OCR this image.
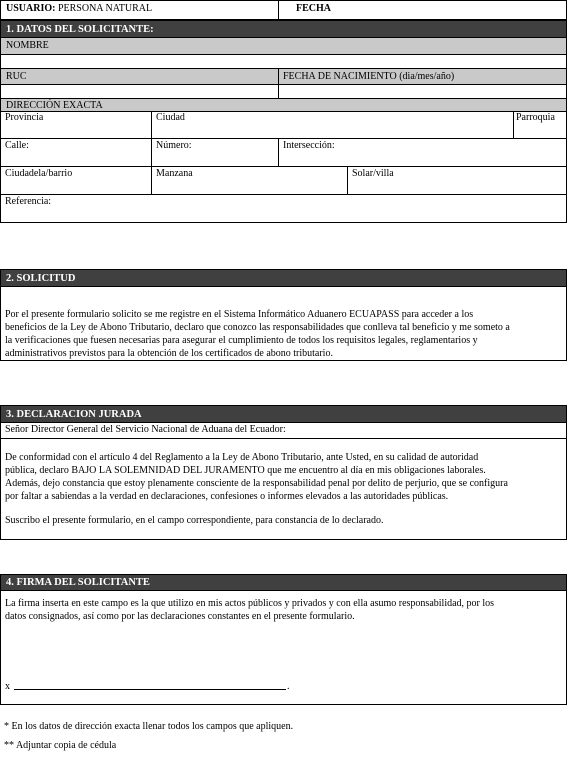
USUARIO: PERSONA NATURAL	FECHA
1. DATOS DEL SOLICITANTE:
NOMBRE
RUC	FECHA DE NACIMIENTO (dia/mes/año)
DIRECCIÓN EXACTA
Provincia	Ciudad	Parroquia
Calle:	Número:	Intersección:
Ciudadela/barrio	Manzana	Solar/villa
Referencia:
2. SOLICITUD
Por el presente formulario solicito se me registre en el Sistema Informático Aduanero ECUAPASS para acceder a los
beneficios de la Ley de Abono Tributario, declaro que conozco las responsabilidades que conlleva tal beneficio y me someto a
la verificaciones que fuesen necesarias para asegurar el cumplimiento de todos los requisitos legales, reglamentarios y
administrativos previstos para la obtención de los certificados de abono tributario.
3. DECLARACION JURADA
Señor Director General del Servicio Nacional de Aduana del Ecuador:
De conformidad con el artículo 4 del Reglamento a la Ley de Abono Tributario, ante Usted, en su calidad de autoridad
pública, declaro BAJO LA SOLEMNIDAD DEL JURAMENTO que me encuentro al día en mis obligaciones laborales.
Además, dejo constancia que estoy plenamente consciente de la responsabilidad penal por delito de perjurio, que se configura
por faltar a sabiendas a la verdad en declaraciones, confesiones o informes elevados a las autoridades públicas.
Suscribo el presente formulario, en el campo correspondiente, para constancia de lo declarado.
4. FIRMA DEL SOLICITANTE
La firma inserta en este campo es la que utilizo en mis actos públicos y privados y con ella asumo responsabilidad, por los
datos consignados, así como por las declaraciones constantes en el presente formulario.
x	.
* En los datos de dirección exacta llenar todos los campos que apliquen.
** Adjuntar copia de cédula
